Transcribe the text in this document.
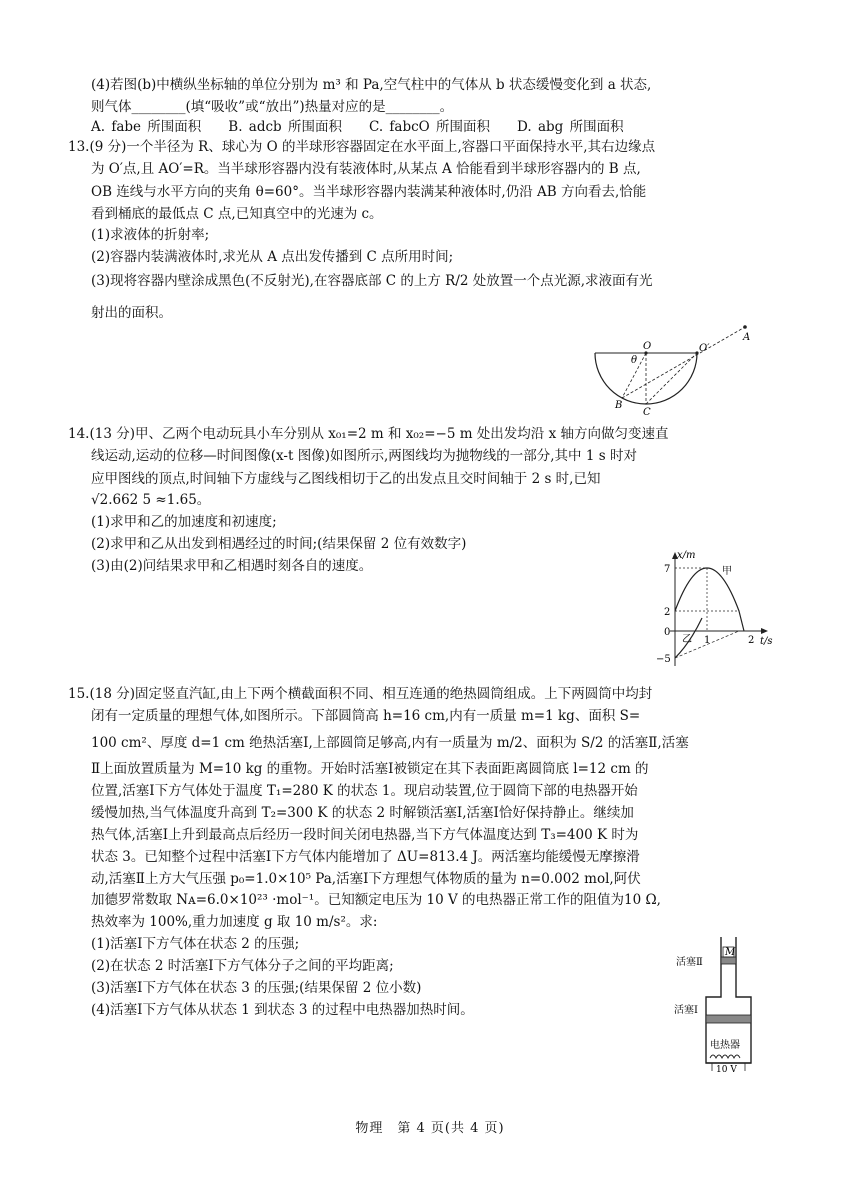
(4)若图(b)中横纵坐标轴的单位分别为 m³ 和 Pa,空气柱中的气体从 b 状态缓慢变化到 a 状态,
则气体________(填“吸收”或“放出”)热量对应的是________。
A. fabe 所围面积　　B. adcb 所围面积　　C. fabcO 所围面积　　D. abg 所围面积
13.(9 分)一个半径为 R、球心为 O 的半球形容器固定在水平面上,容器口平面保持水平,其右边缘点
为 O′点,且 AO′=R。当半球形容器内没有装液体时,从某点 A 恰能看到半球形容器内的 B 点,
OB 连线与水平方向的夹角 θ=60°。当半球形容器内装满某种液体时,仍沿 AB 方向看去,恰能
看到桶底的最低点 C 点,已知真空中的光速为 c。
(1)求液体的折射率;
(2)容器内装满液体时,求光从 A 点出发传播到 C 点所用时间;
(3)现将容器内壁涂成黑色(不反射光),在容器底部 C 的上方 R/2 处放置一个点光源,求液面有光
射出的面积。
O	O′
A
B
C
θ
14.(13 分)甲、乙两个电动玩具小车分别从 x₀₁=2 m 和 x₀₂=−5 m 处出发均沿 x 轴方向做匀变速直
线运动,运动的位移—时间图像(x-t 图像)如图所示,两图线均为抛物线的一部分,其中 1 s 时对
应甲图线的顶点,时间轴下方虚线与乙图线相切于乙的出发点且交时间轴于 2 s 时,已知
√2.662 5 ≈1.65。
(1)求甲和乙的加速度和初速度;
(2)求甲和乙从出发到相遇经过的时间;(结果保留 2 位有效数字)
(3)由(2)问结果求甲和乙相遇时刻各自的速度。
x/m
t/s
7
2
0
−5
1	2
甲
乙
15.(18 分)固定竖直汽缸,由上下两个横截面积不同、相互连通的绝热圆筒组成。上下两圆筒中均封
闭有一定质量的理想气体,如图所示。下部圆筒高 h=16 cm,内有一质量 m=1 kg、面积 S=
100 cm²、厚度 d=1 cm 绝热活塞Ⅰ,上部圆筒足够高,内有一质量为 m/2、面积为 S/2 的活塞Ⅱ,活塞
Ⅱ上面放置质量为 M=10 kg 的重物。开始时活塞Ⅰ被锁定在其下表面距离圆筒底 l=12 cm 的
位置,活塞Ⅰ下方气体处于温度 T₁=280 K 的状态 1。现启动装置,位于圆筒下部的电热器开始
缓慢加热,当气体温度升高到 T₂=300 K 的状态 2 时解锁活塞Ⅰ,活塞Ⅰ恰好保持静止。继续加
热气体,活塞Ⅰ上升到最高点后经历一段时间关闭电热器,当下方气体温度达到 T₃=400 K 时为
状态 3。已知整个过程中活塞Ⅰ下方气体内能增加了 ΔU=813.4 J。两活塞均能缓慢无摩擦滑
动,活塞Ⅱ上方大气压强 p₀=1.0×10⁵ Pa,活塞Ⅰ下方理想气体物质的量为 n=0.002 mol,阿伏
加德罗常数取 Nᴀ=6.0×10²³ ·mol⁻¹。已知额定电压为 10 V 的电热器正常工作的阻值为10 Ω,
热效率为 100%,重力加速度 g 取 10 m/s²。求:
(1)活塞Ⅰ下方气体在状态 2 的压强;
(2)在状态 2 时活塞Ⅰ下方气体分子之间的平均距离;
(3)活塞Ⅰ下方气体在状态 3 的压强;(结果保留 2 位小数)
(4)活塞Ⅰ下方气体从状态 1 到状态 3 的过程中电热器加热时间。
M
活塞Ⅱ
活塞Ⅰ
电热器
10 V
物理　第 4 页(共 4 页)
